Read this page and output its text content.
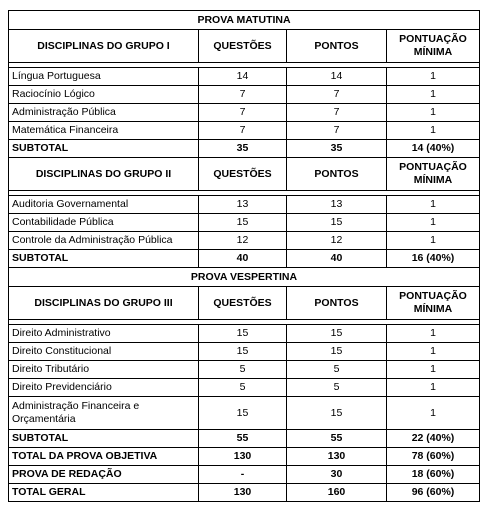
PROVA MATUTINA			
DISCIPLINAS DO GRUPO I	QUESTÕES	PONTOS	PONTUAÇÃO MÍNIMA

Língua Portuguesa	14	14	1
Raciocínio Lógico	7	7	1
Administração Pública	7	7	1
Matemática Financeira	7	7	1
SUBTOTAL	35	35	14 (40%)
DISCIPLINAS DO GRUPO II	QUESTÕES	PONTOS	PONTUAÇÃO MÍNIMA

Auditoria Governamental	13	13	1
Contabilidade Pública	15	15	1
Controle da Administração Pública	12	12	1
SUBTOTAL	40	40	16 (40%)
PROVA VESPERTINA			
DISCIPLINAS DO GRUPO III	QUESTÕES	PONTOS	PONTUAÇÃO MÍNIMA

Direito Administrativo	15	15	1
Direito Constitucional	15	15	1
Direito Tributário	5	5	1
Direito Previdenciário	5	5	1
Administração Financeira e Orçamentária	15	15	1
SUBTOTAL	55	55	22 (40%)
TOTAL DA PROVA OBJETIVA	130	130	78 (60%)
PROVA DE REDAÇÃO	-	30	18 (60%)
TOTAL GERAL	130	160	96 (60%)
